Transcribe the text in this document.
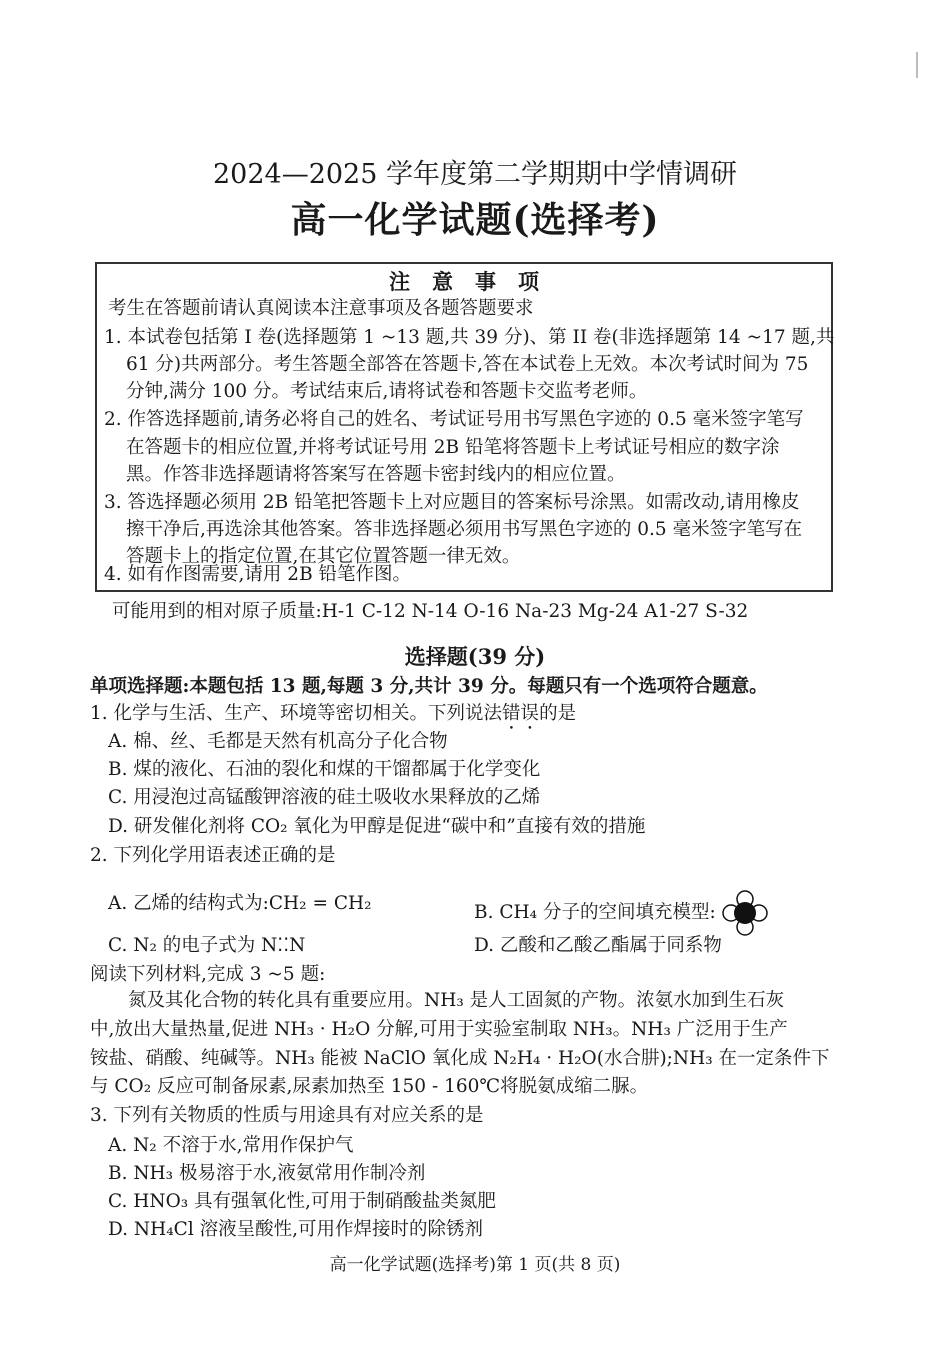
2024—2025 学年度第二学期期中学情调研
高一化学试题(选择考)
注意事项
考生在答题前请认真阅读本注意事项及各题答题要求
1. 本试卷包括第 I 卷(选择题第 1 ~13 题,共 39 分)、第 II 卷(非选择题第 14 ~17 题,共
61 分)共两部分。考生答题全部答在答题卡,答在本试卷上无效。本次考试时间为 75
分钟,满分 100 分。考试结束后,请将试卷和答题卡交监考老师。
2. 作答选择题前,请务必将自己的姓名、考试证号用书写黑色字迹的 0.5 毫米签字笔写
在答题卡的相应位置,并将考试证号用 2B 铅笔将答题卡上考试证号相应的数字涂
黑。作答非选择题请将答案写在答题卡密封线内的相应位置。
3. 答选择题必须用 2B 铅笔把答题卡上对应题目的答案标号涂黑。如需改动,请用橡皮
擦干净后,再选涂其他答案。答非选择题必须用书写黑色字迹的 0.5 毫米签字笔写在
答题卡上的指定位置,在其它位置答题一律无效。
4. 如有作图需要,请用 2B 铅笔作图。
可能用到的相对原子质量:H-1 C-12 N-14 O-16 Na-23 Mg-24 A1-27 S-32
选择题(39 分)
单项选择题:本题包括 13 题,每题 3 分,共计 39 分。每题只有一个选项符合题意。
1. 化学与生活、生产、环境等密切相关。下列说法错误的是
A. 棉、丝、毛都是天然有机高分子化合物
B. 煤的液化、石油的裂化和煤的干馏都属于化学变化
C. 用浸泡过高锰酸钾溶液的硅土吸收水果释放的乙烯
D. 研发催化剂将 CO₂ 氧化为甲醇是促进“碳中和”直接有效的措施
2. 下列化学用语表述正确的是
A. 乙烯的结构式为:CH₂ = CH₂	B. CH₄ 分子的空间填充模型:
C. N₂ 的电子式为 N⁚⁚N	D. 乙酸和乙酸乙酯属于同系物
阅读下列材料,完成 3 ~5 题:
氮及其化合物的转化具有重要应用。NH₃ 是人工固氮的产物。浓氨水加到生石灰
中,放出大量热量,促进 NH₃ · H₂O 分解,可用于实验室制取 NH₃。NH₃ 广泛用于生产
铵盐、硝酸、纯碱等。NH₃ 能被 NaClO 氧化成 N₂H₄ · H₂O(水合肼);NH₃ 在一定条件下
与 CO₂ 反应可制备尿素,尿素加热至 150 - 160℃将脱氨成缩二脲。
3. 下列有关物质的性质与用途具有对应关系的是
A. N₂ 不溶于水,常用作保护气
B. NH₃ 极易溶于水,液氨常用作制冷剂
C. HNO₃ 具有强氧化性,可用于制硝酸盐类氮肥
D. NH₄Cl 溶液呈酸性,可用作焊接时的除锈剂
高一化学试题(选择考)第 1 页(共 8 页)
